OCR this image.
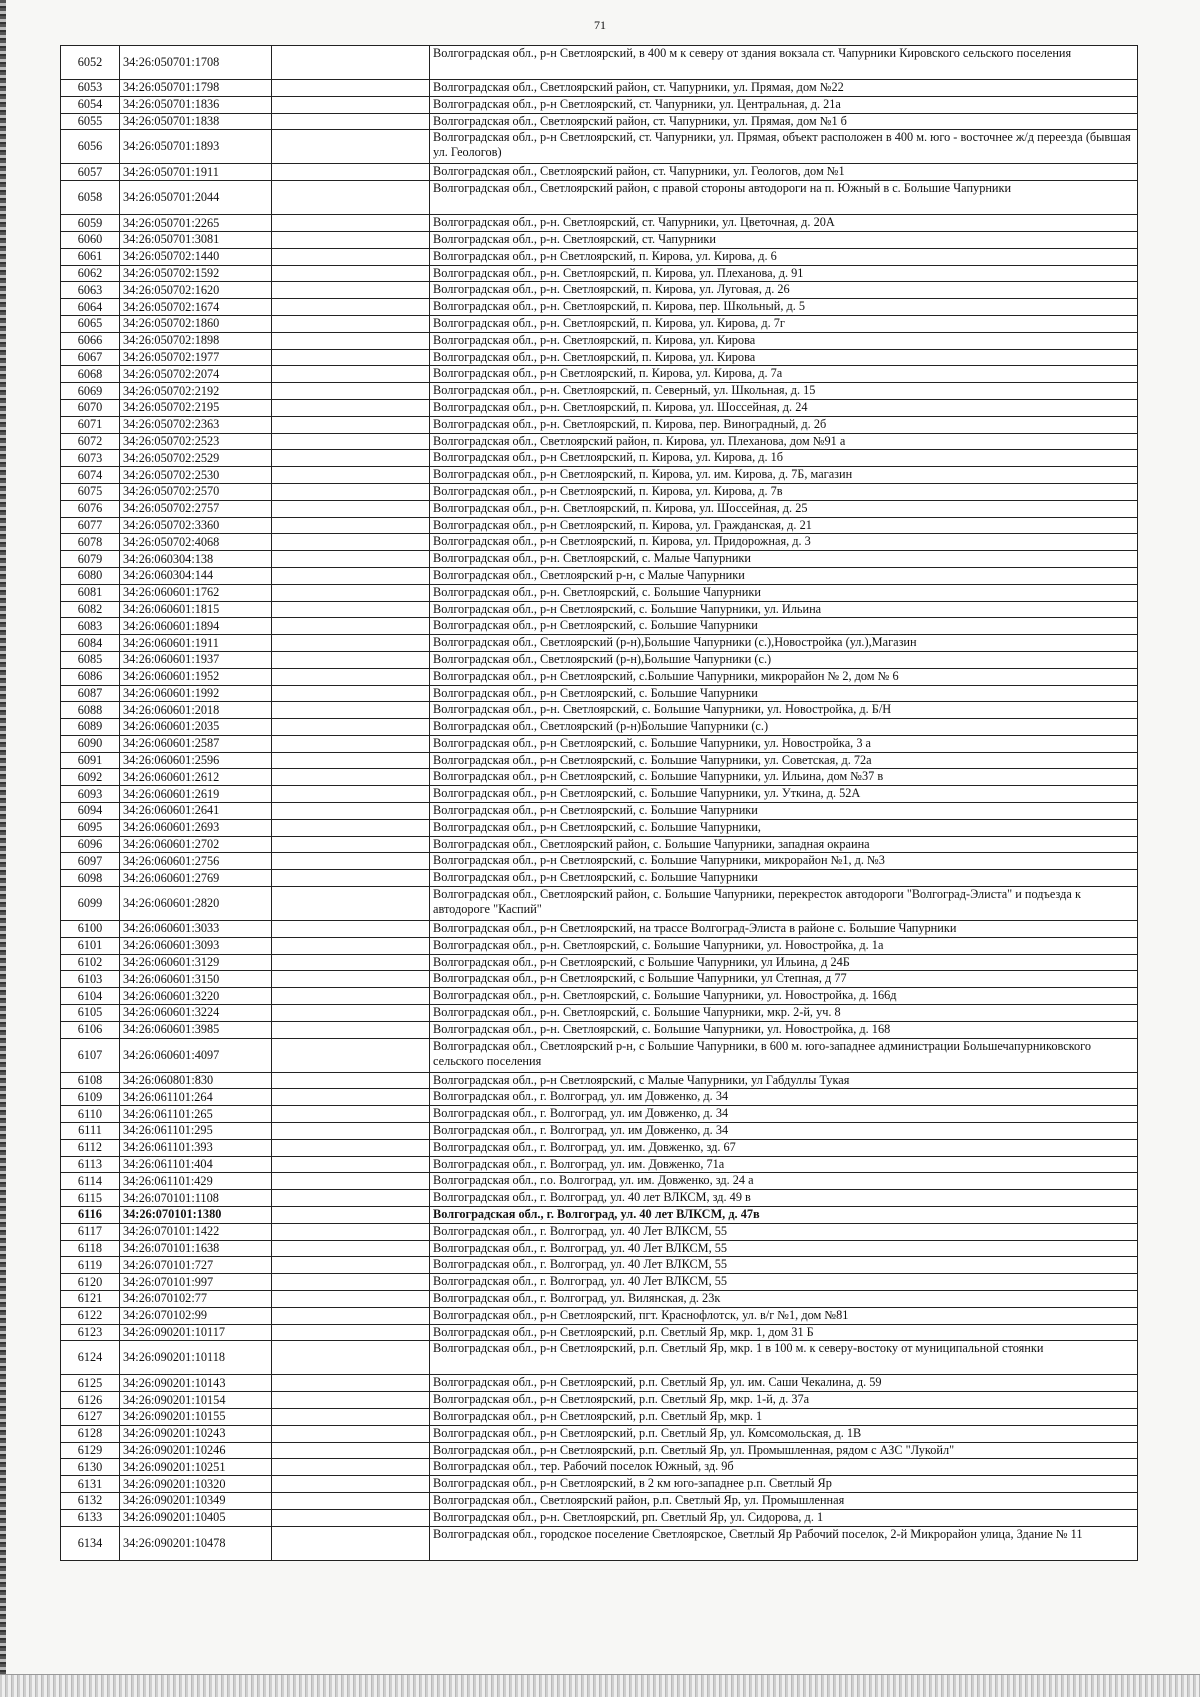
71
6052	34:26:050701:1708		Волгоградская обл., р-н Светлоярский, в 400 м к северу от здания вокзала ст. Чапурники Кировского сельского поселения
6053	34:26:050701:1798		Волгоградская обл., Светлоярский район, ст. Чапурники, ул. Прямая, дом №22
6054	34:26:050701:1836		Волгоградская обл., р-н Светлоярский, ст. Чапурники, ул. Центральная, д. 21а
6055	34:26:050701:1838		Волгоградская обл., Светлоярский район, ст. Чапурники, ул. Прямая, дом №1 б
6056	34:26:050701:1893		Волгоградская обл., р-н Светлоярский, ст. Чапурники, ул. Прямая, объект расположен в 400 м. юго - восточнее ж/д переезда (бывшая ул. Геологов)
6057	34:26:050701:1911		Волгоградская обл., Светлоярский район, ст. Чапурники, ул. Геологов, дом №1
6058	34:26:050701:2044		Волгоградская обл., Светлоярский район, с правой стороны автодороги на п. Южный в с. Большие Чапурники
6059	34:26:050701:2265		Волгоградская обл., р-н. Светлоярский, ст. Чапурники, ул. Цветочная, д. 20А
6060	34:26:050701:3081		Волгоградская обл., р-н. Светлоярский, ст. Чапурники
6061	34:26:050702:1440		Волгоградская обл., р-н Светлоярский, п. Кирова, ул. Кирова, д. 6
6062	34:26:050702:1592		Волгоградская обл., р-н. Светлоярский, п. Кирова, ул. Плеханова, д. 91
6063	34:26:050702:1620		Волгоградская обл., р-н. Светлоярский, п. Кирова, ул. Луговая, д. 26
6064	34:26:050702:1674		Волгоградская обл., р-н. Светлоярский, п. Кирова, пер. Школьный, д. 5
6065	34:26:050702:1860		Волгоградская обл., р-н. Светлоярский, п. Кирова, ул. Кирова, д. 7г
6066	34:26:050702:1898		Волгоградская обл., р-н. Светлоярский, п. Кирова, ул. Кирова
6067	34:26:050702:1977		Волгоградская обл., р-н. Светлоярский, п. Кирова, ул. Кирова
6068	34:26:050702:2074		Волгоградская обл., р-н Светлоярский, п. Кирова, ул. Кирова, д. 7а
6069	34:26:050702:2192		Волгоградская обл., р-н. Светлоярский, п. Северный, ул. Школьная, д. 15
6070	34:26:050702:2195		Волгоградская обл., р-н. Светлоярский, п. Кирова, ул. Шоссейная, д. 24
6071	34:26:050702:2363		Волгоградская обл., р-н. Светлоярский, п. Кирова, пер. Виноградный, д. 2б
6072	34:26:050702:2523		Волгоградская обл., Светлоярский район, п. Кирова, ул. Плеханова, дом №91 а
6073	34:26:050702:2529		Волгоградская обл., р-н Светлоярский, п. Кирова, ул. Кирова, д. 1б
6074	34:26:050702:2530		Волгоградская обл., р-н Светлоярский, п. Кирова, ул. им. Кирова, д. 7Б, магазин
6075	34:26:050702:2570		Волгоградская обл., р-н Светлоярский, п. Кирова, ул. Кирова, д. 7в
6076	34:26:050702:2757		Волгоградская обл., р-н. Светлоярский, п. Кирова, ул. Шоссейная, д. 25
6077	34:26:050702:3360		Волгоградская обл., р-н Светлоярский, п. Кирова, ул. Гражданская, д. 21
6078	34:26:050702:4068		Волгоградская обл., р-н Светлоярский, п. Кирова, ул. Придорожная, д. 3
6079	34:26:060304:138		Волгоградская обл., р-н. Светлоярский, с. Малые Чапурники
6080	34:26:060304:144		Волгоградская обл., Светлоярский р-н, с Малые Чапурники
6081	34:26:060601:1762		Волгоградская обл., р-н. Светлоярский, с. Большие Чапурники
6082	34:26:060601:1815		Волгоградская обл., р-н Светлоярский, с. Большие Чапурники, ул. Ильина
6083	34:26:060601:1894		Волгоградская обл., р-н Светлоярский, с. Большие Чапурники
6084	34:26:060601:1911		Волгоградская обл., Светлоярский (р-н),Большие Чапурники (с.),Новостройка (ул.),Магазин
6085	34:26:060601:1937		Волгоградская обл., Светлоярский (р-н),Большие Чапурники (с.)
6086	34:26:060601:1952		Волгоградская обл., р-н Светлоярский, с.Большие Чапурники, микрорайон № 2, дом № 6
6087	34:26:060601:1992		Волгоградская обл., р-н Светлоярский, с. Большие Чапурники
6088	34:26:060601:2018		Волгоградская обл., р-н. Светлоярский, с. Большие Чапурники, ул. Новостройка, д. Б/Н
6089	34:26:060601:2035		Волгоградская обл., Светлоярский (р-н)Большие Чапурники (с.)
6090	34:26:060601:2587		Волгоградская обл., р-н Светлоярский, с. Большие Чапурники, ул. Новостройка, 3 а
6091	34:26:060601:2596		Волгоградская обл., р-н Светлоярский, с. Большие Чапурники, ул. Советская, д. 72а
6092	34:26:060601:2612		Волгоградская обл., р-н Светлоярский, с. Большие Чапурники, ул. Ильина, дом №37 в
6093	34:26:060601:2619		Волгоградская обл., р-н Светлоярский, с. Большие Чапурники, ул. Уткина, д. 52А
6094	34:26:060601:2641		Волгоградская обл., р-н Светлоярский, с. Большие Чапурники
6095	34:26:060601:2693		Волгоградская обл., р-н Светлоярский, с. Большие Чапурники,
6096	34:26:060601:2702		Волгоградская обл., Светлоярский район, с. Большие Чапурники, западная окраина
6097	34:26:060601:2756		Волгоградская обл., р-н Светлоярский, с. Большие Чапурники, микрорайон №1, д. №3
6098	34:26:060601:2769		Волгоградская обл., р-н Светлоярский, с. Большие Чапурники
6099	34:26:060601:2820		Волгоградская обл., Светлоярский район, с. Большие Чапурники, перекресток автодороги "Волгоград-Элиста" и подъезда к автодороге "Каспий"
6100	34:26:060601:3033		Волгоградская обл., р-н Светлоярский, на трассе Волгоград-Элиста в районе с. Большие Чапурники
6101	34:26:060601:3093		Волгоградская обл., р-н. Светлоярский, с. Большие Чапурники, ул. Новостройка, д. 1а
6102	34:26:060601:3129		Волгоградская обл., р-н Светлоярский, с Большие Чапурники, ул Ильина, д 24Б
6103	34:26:060601:3150		Волгоградская обл., р-н Светлоярский, с Большие Чапурники, ул Степная, д 77
6104	34:26:060601:3220		Волгоградская обл., р-н. Светлоярский, с. Большие Чапурники, ул. Новостройка, д. 166д
6105	34:26:060601:3224		Волгоградская обл., р-н. Светлоярский, с. Большие Чапурники, мкр. 2-й, уч. 8
6106	34:26:060601:3985		Волгоградская обл., р-н. Светлоярский, с. Большие Чапурники, ул. Новостройка, д. 168
6107	34:26:060601:4097		Волгоградская обл., Светлоярский р-н, с Большие Чапурники, в 600 м. юго-западнее администрации Большечапурниковского сельского поселения
6108	34:26:060801:830		Волгоградская обл., р-н Светлоярский, с Малые Чапурники, ул Габдуллы Тукая
6109	34:26:061101:264		Волгоградская обл., г. Волгоград, ул. им Довженко, д. 34
6110	34:26:061101:265		Волгоградская обл., г. Волгоград, ул. им Довженко, д. 34
6111	34:26:061101:295		Волгоградская обл., г. Волгоград, ул. им Довженко, д. 34
6112	34:26:061101:393		Волгоградская обл., г. Волгоград, ул. им. Довженко, зд. 67
6113	34:26:061101:404		Волгоградская обл., г. Волгоград, ул. им. Довженко, 71а
6114	34:26:061101:429		Волгоградская обл., г.о. Волгоград, ул. им. Довженко, зд. 24 а
6115	34:26:070101:1108		Волгоградская обл., г. Волгоград, ул. 40 лет ВЛКСМ, зд. 49 в
6116	34:26:070101:1380		Волгоградская обл., г. Волгоград, ул. 40 лет ВЛКСМ, д. 47в
6117	34:26:070101:1422		Волгоградская обл., г. Волгоград, ул. 40 Лет ВЛКСМ, 55
6118	34:26:070101:1638		Волгоградская обл., г. Волгоград, ул. 40 Лет ВЛКСМ, 55
6119	34:26:070101:727		Волгоградская обл., г. Волгоград, ул. 40 Лет ВЛКСМ, 55
6120	34:26:070101:997		Волгоградская обл., г. Волгоград, ул. 40 Лет ВЛКСМ, 55
6121	34:26:070102:77		Волгоградская обл., г. Волгоград, ул. Вилянская, д. 23к
6122	34:26:070102:99		Волгоградская обл., р-н Светлоярский, пгт. Краснофлотск, ул. в/г №1, дом №81
6123	34:26:090201:10117		Волгоградская обл., р-н Светлоярский, р.п. Светлый Яр, мкр. 1, дом 31 Б
6124	34:26:090201:10118		Волгоградская обл., р-н Светлоярский, р.п. Светлый Яр, мкр. 1 в 100 м. к северу-востоку от муниципальной стоянки
6125	34:26:090201:10143		Волгоградская обл., р-н Светлоярский, р.п. Светлый Яр, ул. им. Саши Чекалина, д. 59
6126	34:26:090201:10154		Волгоградская обл., р-н Светлоярский, р.п. Светлый Яр, мкр. 1-й, д. 37а
6127	34:26:090201:10155		Волгоградская обл., р-н Светлоярский, р.п. Светлый Яр, мкр. 1
6128	34:26:090201:10243		Волгоградская обл., р-н Светлоярский, р.п. Светлый Яр, ул. Комсомольская, д. 1В
6129	34:26:090201:10246		Волгоградская обл., р-н Светлоярский, р.п. Светлый Яр, ул. Промышленная, рядом с АЗС "Лукойл"
6130	34:26:090201:10251		Волгоградская обл., тер. Рабочий поселок Южный, зд. 9б
6131	34:26:090201:10320		Волгоградская обл., р-н Светлоярский, в 2 км юго-западнее р.п. Светлый Яр
6132	34:26:090201:10349		Волгоградская обл., Светлоярский район, р.п. Светлый Яр, ул. Промышленная
6133	34:26:090201:10405		Волгоградская обл., р-н. Светлоярский, рп. Светлый Яр, ул. Сидорова, д. 1
6134	34:26:090201:10478		Волгоградская обл., городское поселение Светлоярское, Светлый Яр Рабочий поселок, 2-й Микрорайон улица, Здание № 11
